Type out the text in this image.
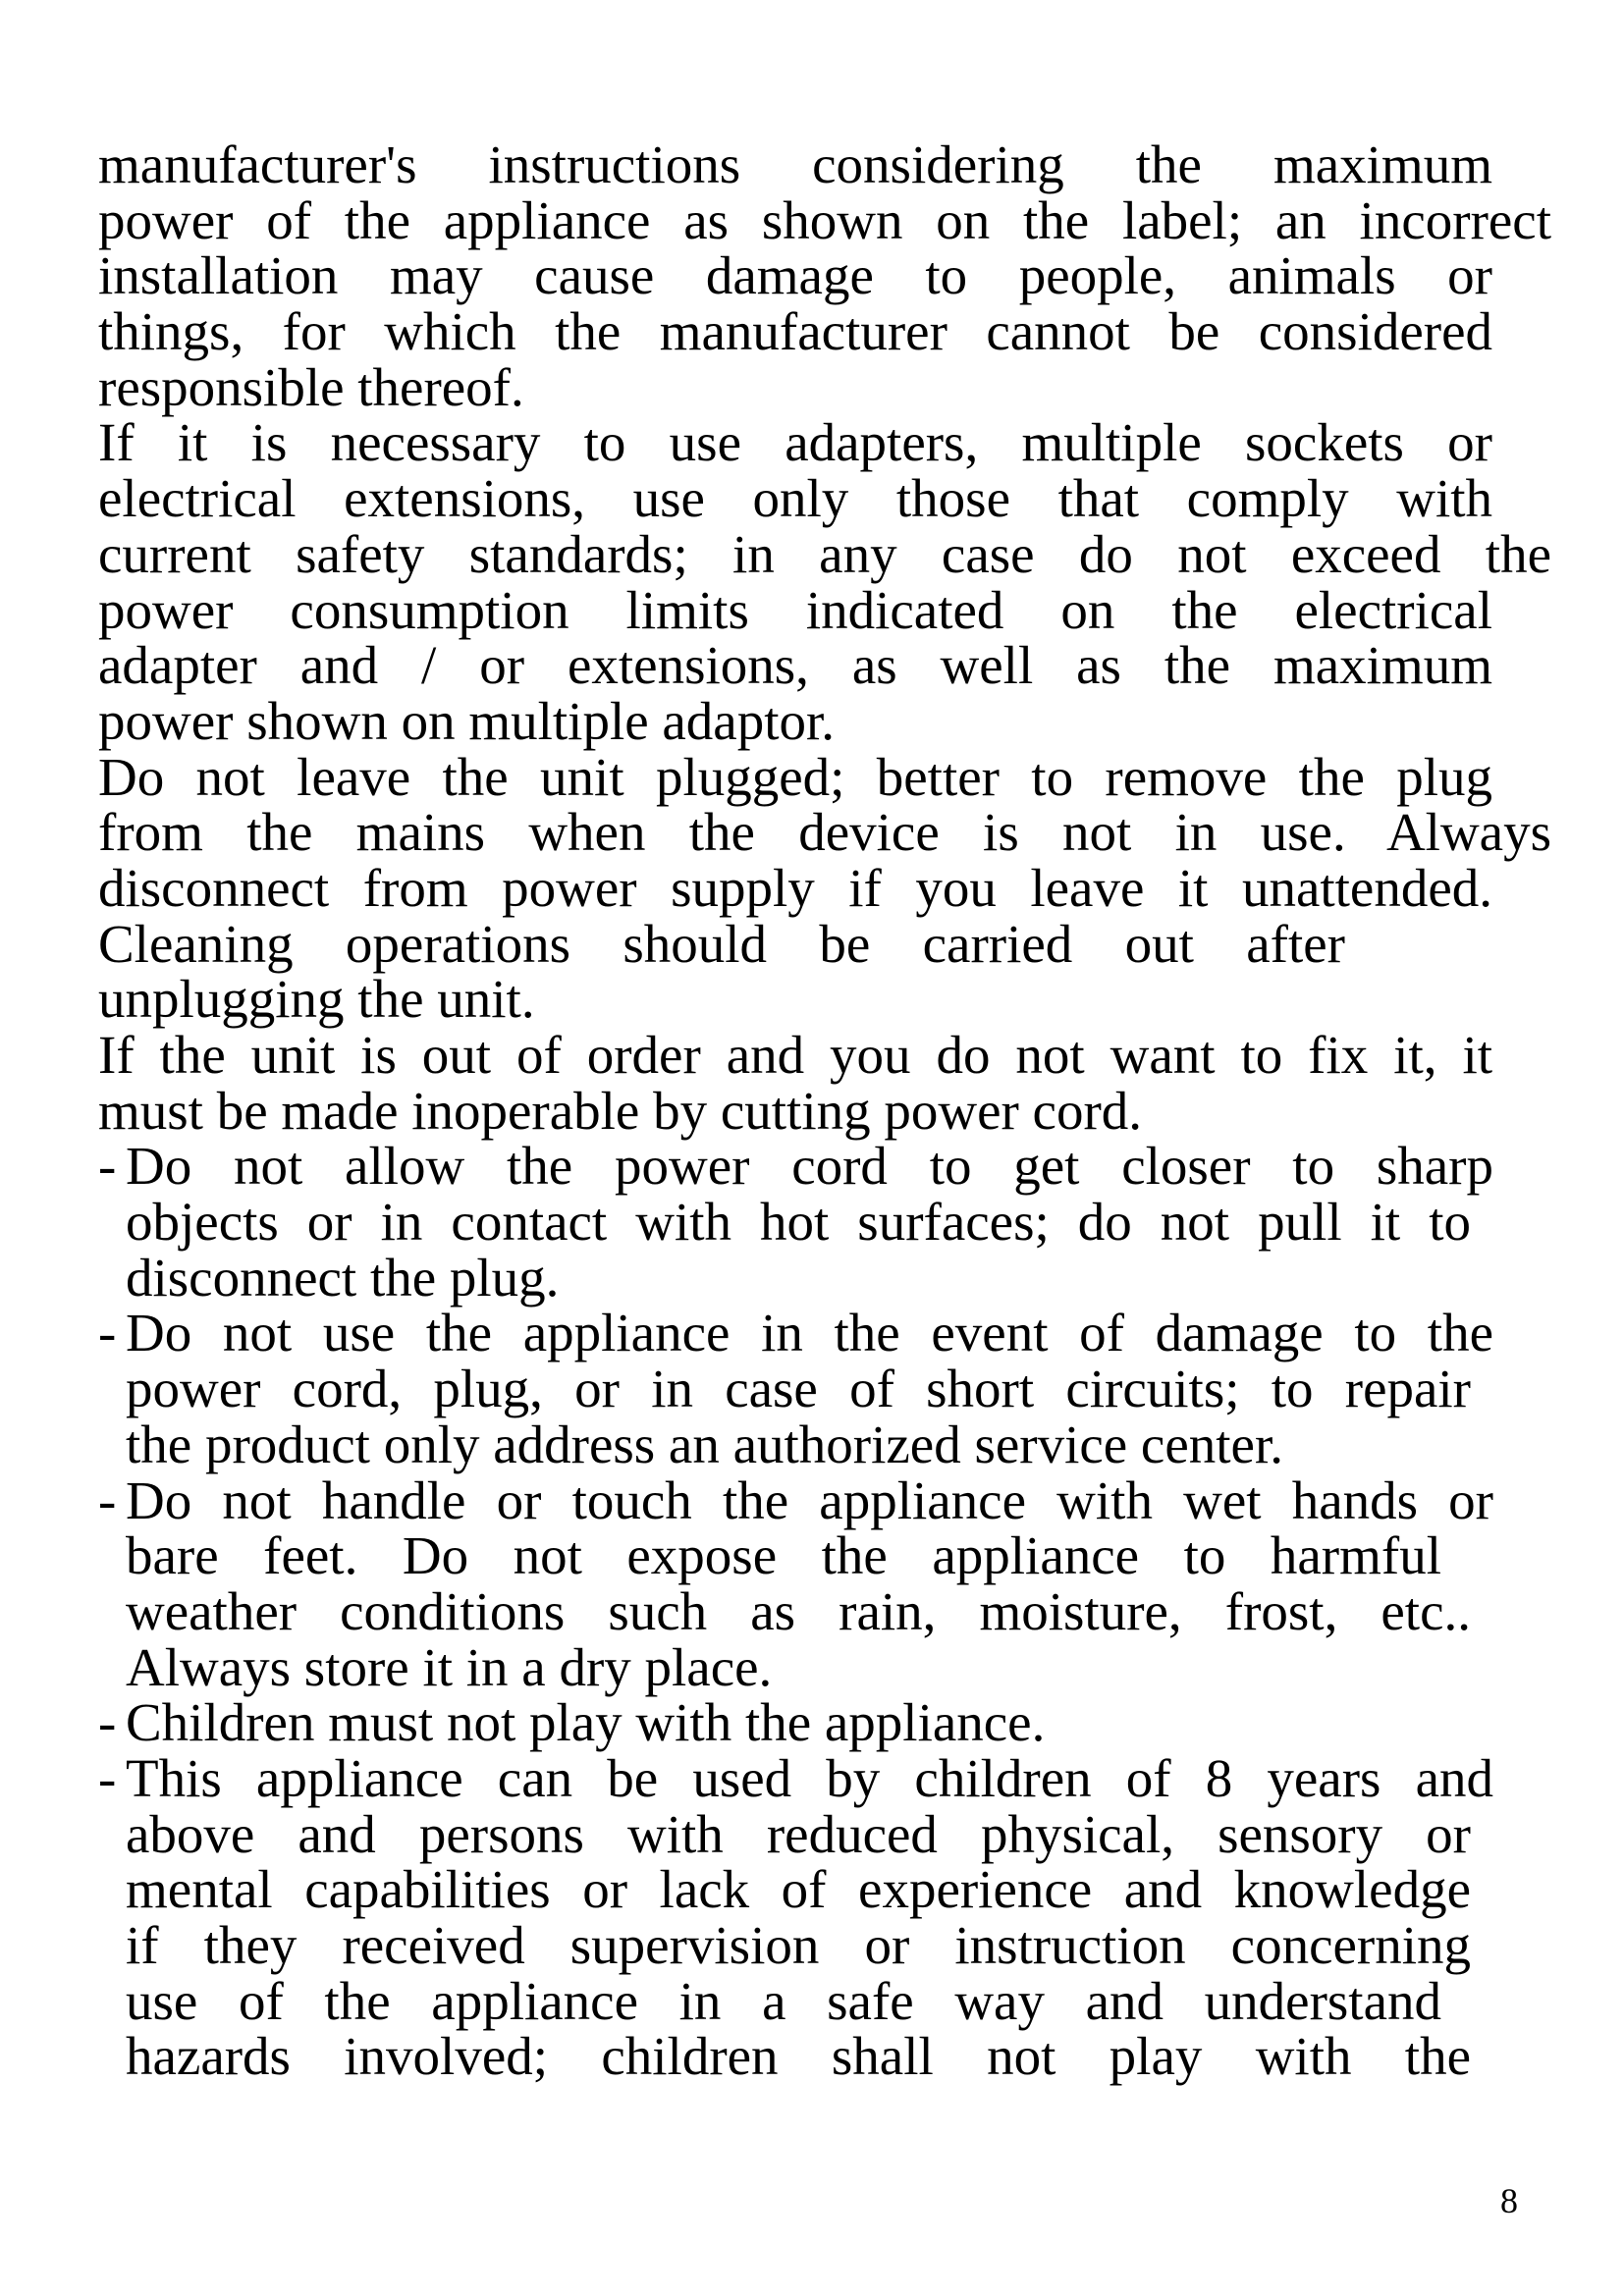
manufacturer's instructions considering the maximum
power of the appliance as shown on the label; an incorrect
installation may cause damage to people, animals or
things, for which the manufacturer cannot be considered
responsible thereof.
If it is necessary to use adapters, multiple sockets or
electrical extensions, use only those that comply with
current safety standards; in any case do not exceed the
power consumption limits indicated on the electrical
adapter and / or extensions, as well as the maximum
power shown on multiple adaptor.
Do not leave the unit plugged; better to remove the plug
from the mains when the device is not in use. Always
disconnect from power supply if you leave it unattended.
Cleaning operations should be carried out after
unplugging the unit.
If the unit is out of order and you do not want to fix it, it
must be made inoperable by cutting power cord.
- Do not allow the power cord to get closer to sharp
objects or in contact with hot surfaces; do not pull it to
disconnect the plug.
- Do not use the appliance in the event of damage to the
power cord, plug, or in case of short circuits; to repair
the product only address an authorized service center.
- Do not handle or touch the appliance with wet hands or
bare feet. Do not expose the appliance to harmful
weather conditions such as rain, moisture, frost, etc..
Always store it in a dry place.
- Children must not play with the appliance.
- This appliance can be used by children of 8 years and
above and persons with reduced physical, sensory or
mental capabilities or lack of experience and knowledge
if they received supervision or instruction concerning
use of the appliance in a safe way and understand
hazards involved; children shall not play with the
8
